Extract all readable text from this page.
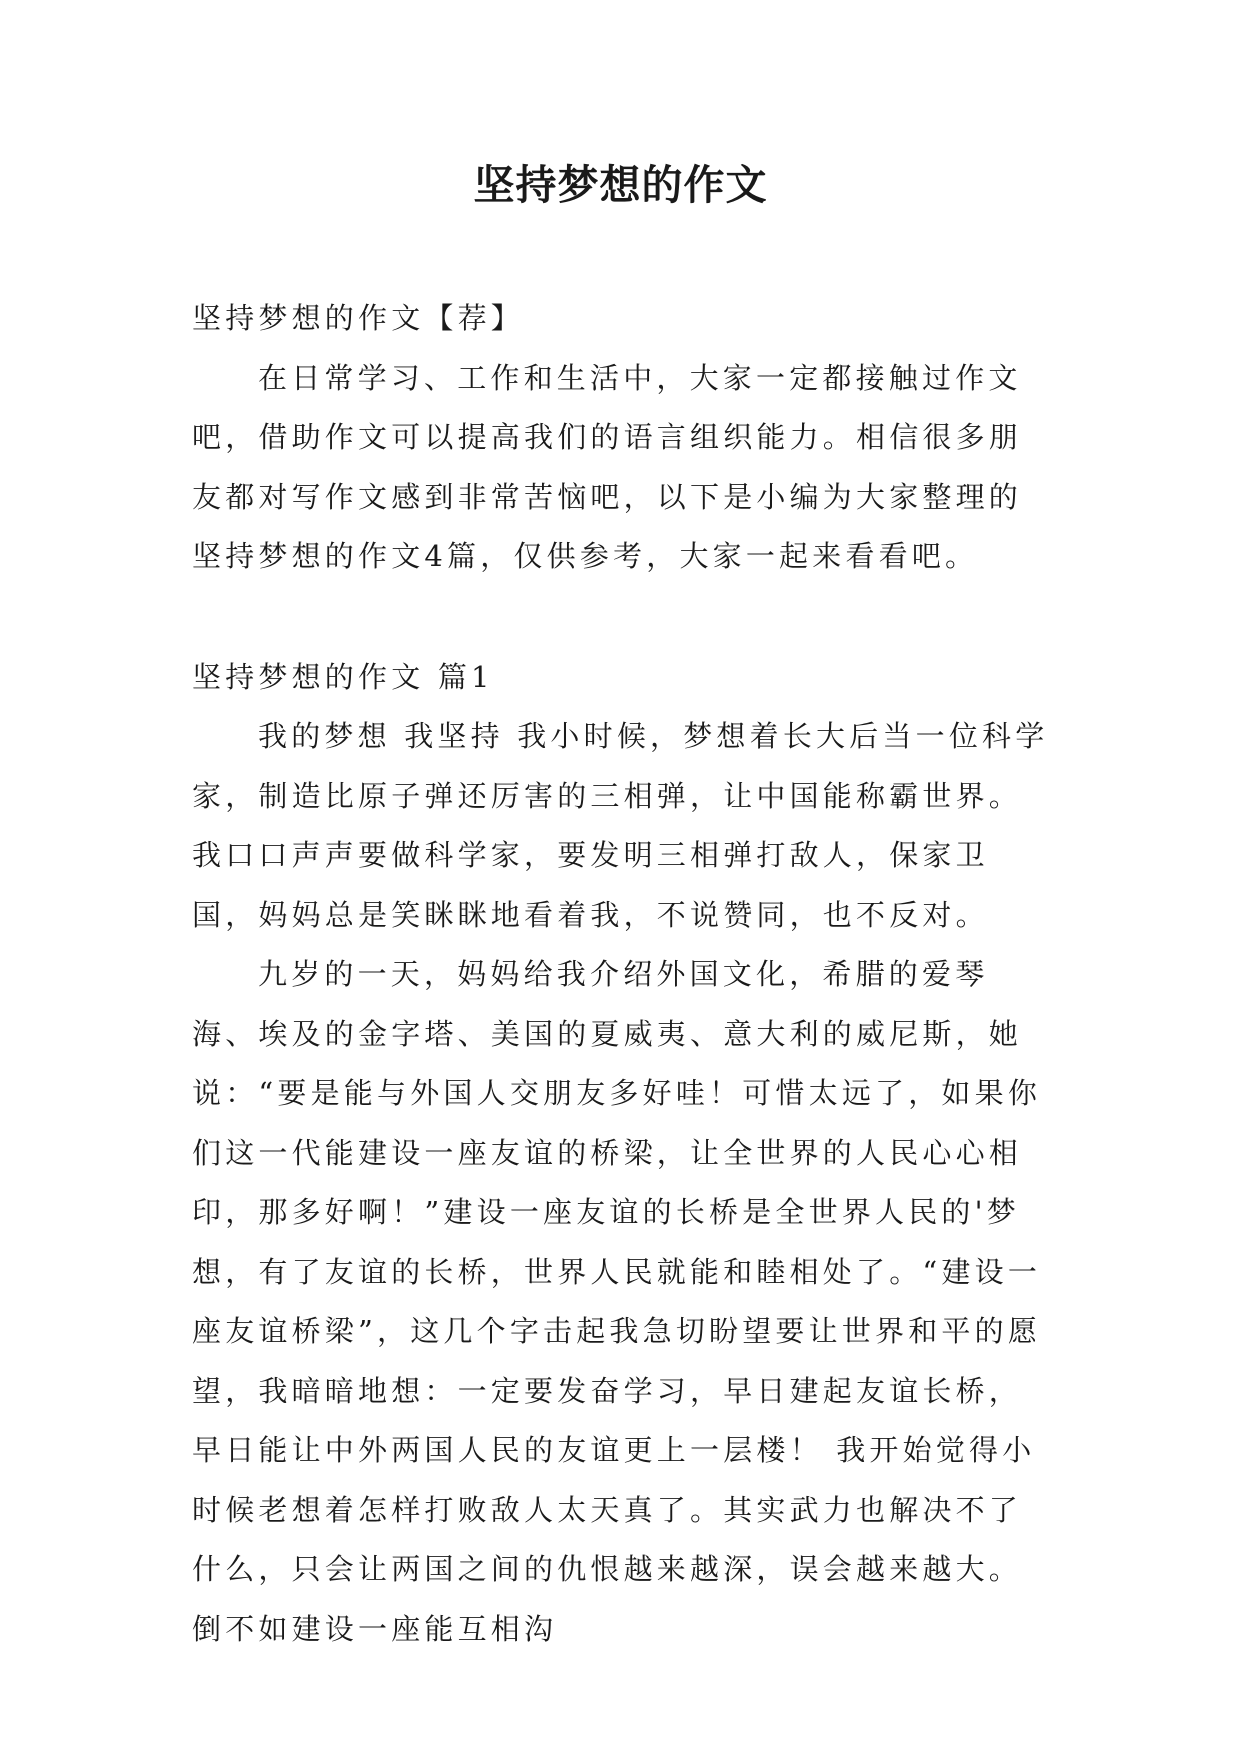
坚持梦想的作文

坚持梦想的作文【荐】

在日常学习、工作和生活中，大家一定都接触过作文吧，借助作文可以提高我们的语言组织能力。相信很多朋友都对写作文感到非常苦恼吧，以下是小编为大家整理的坚持梦想的作文4篇，仅供参考，大家一起来看看吧。

坚持梦想的作文 篇1

我的梦想 我坚持 我小时候，梦想着长大后当一位科学家，制造比原子弹还厉害的三相弹，让中国能称霸世界。我口口声声要做科学家，要发明三相弹打敌人，保家卫国，妈妈总是笑眯眯地看着我，不说赞同，也不反对。

九岁的一天，妈妈给我介绍外国文化，希腊的爱琴海、埃及的金字塔、美国的夏威夷、意大利的威尼斯，她说：“要是能与外国人交朋友多好哇！可惜太远了，如果你们这一代能建设一座友谊的桥梁，让全世界的人民心心相印，那多好啊！”建设一座友谊的长桥是全世界人民的'梦想，有了友谊的长桥，世界人民就能和睦相处了。“建设一座友谊桥梁”，这几个字击起我急切盼望要让世界和平的愿望，我暗暗地想：一定要发奋学习，早日建起友谊长桥，早日能让中外两国人民的友谊更上一层楼！ 我开始觉得小时候老想着怎样打败敌人太天真了。其实武力也解决不了什么，只会让两国之间的仇恨越来越深，误会越来越大。倒不如建设一座能互相沟
